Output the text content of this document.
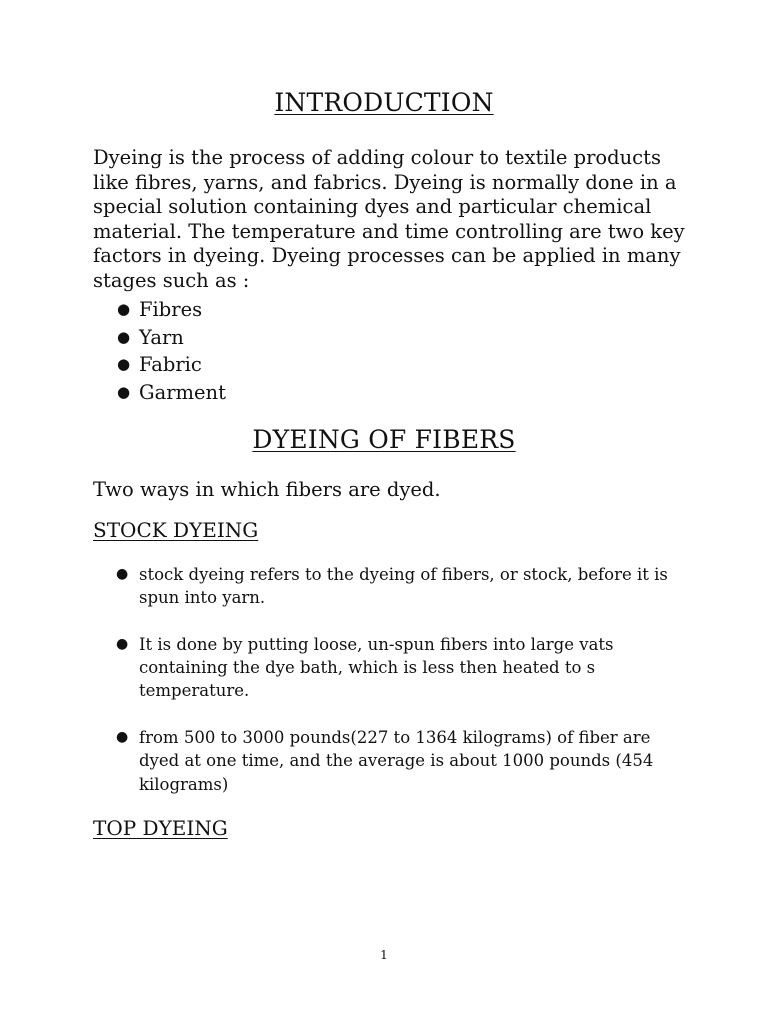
INTRODUCTION

Dyeing is the process of adding colour to textile products like fibres, yarns, and fabrics. Dyeing is normally done in a special solution containing dyes and particular chemical material. The temperature and time controlling are two key factors in dyeing. Dyeing processes can be applied in many stages such as :

● Fibres
● Yarn
● Fabric
● Garment
DYEING OF FIBERS

Two ways in which fibers are dyed.

STOCK DYEING
● stock dyeing refers to the dyeing of fibers, or stock, before it is spun into yarn.
● It is done by putting loose, un-spun fibers into large vats containing the dye bath, which is less then heated to s temperature.
● from 500 to 3000 pounds(227 to 1364 kilograms) of fiber are dyed at one time, and the average is about 1000 pounds (454 kilograms)
TOP DYEING

1
